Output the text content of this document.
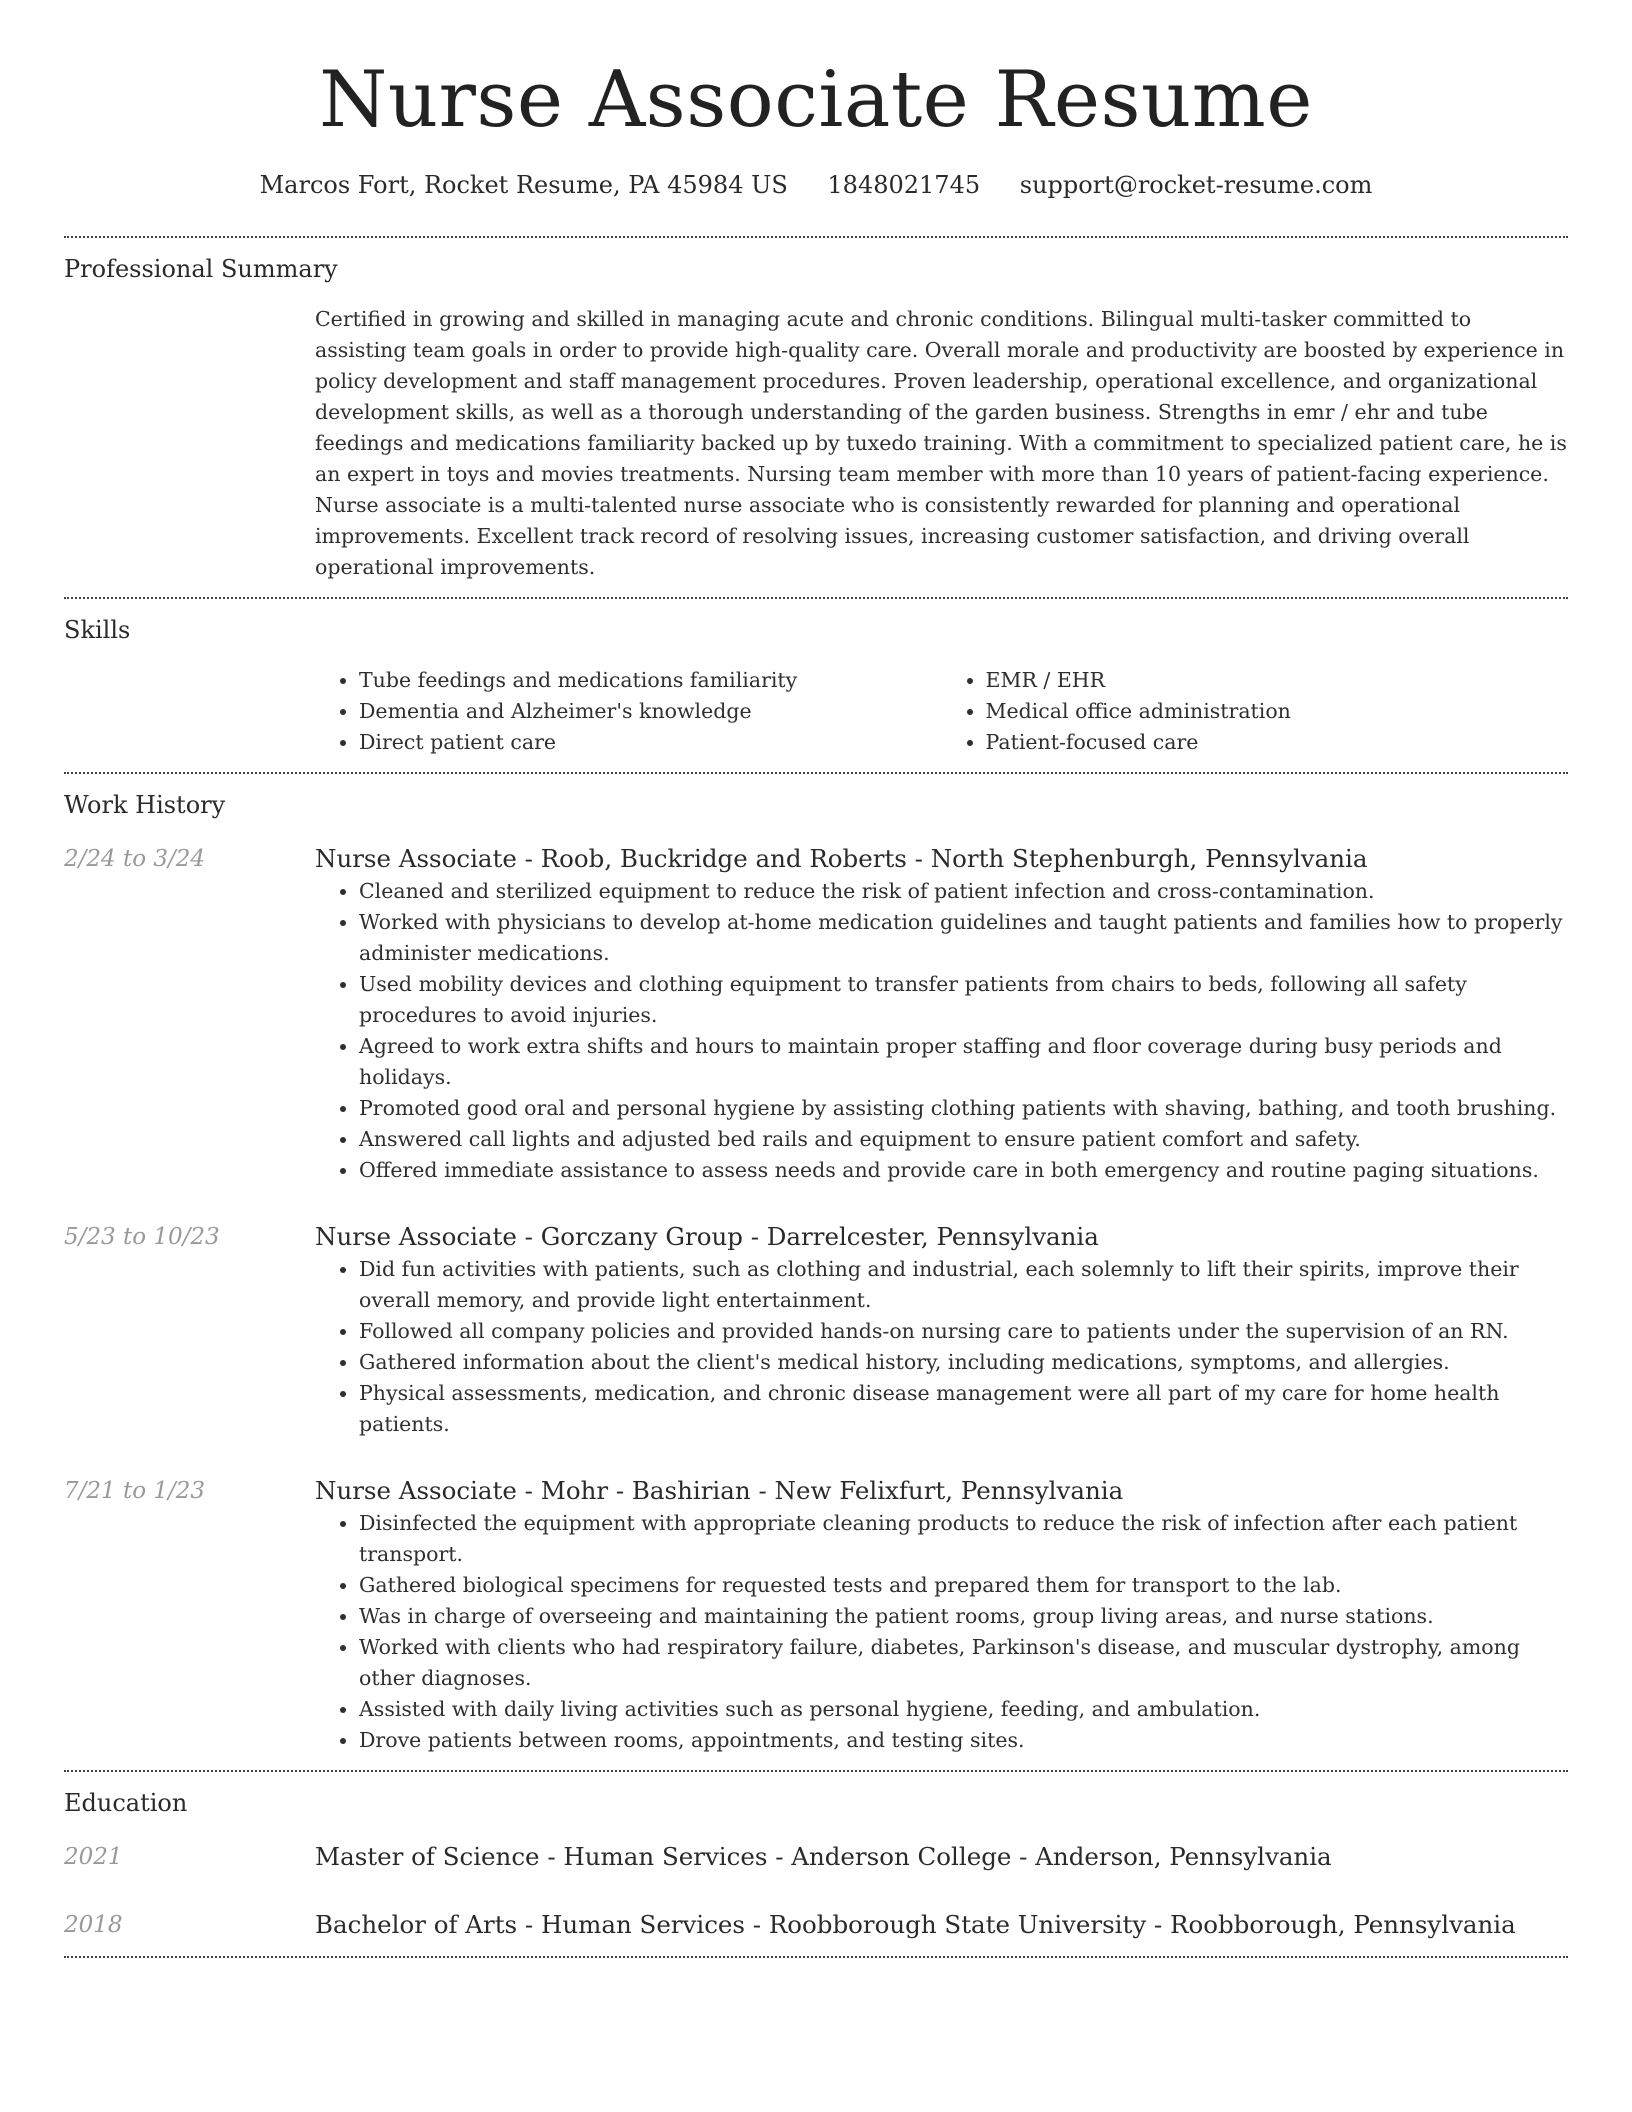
Nurse Associate Resume
Marcos Fort, Rocket Resume, PA 45984 US 1848021745 support@rocket-resume.com
Professional Summary

Certified in growing and skilled in managing acute and chronic conditions. Bilingual multi-tasker committed to assisting team goals in order to provide high-quality care. Overall morale and productivity are boosted by experience in policy development and staff management procedures. Proven leadership, operational excellence, and organizational development skills, as well as a thorough understanding of the garden business. Strengths in emr / ehr and tube feedings and medications familiarity backed up by tuxedo training. With a commitment to specialized patient care, he is an expert in toys and movies treatments. Nursing team member with more than 10 years of patient-facing experience. Nurse associate is a multi-talented nurse associate who is consistently rewarded for planning and operational improvements. Excellent track record of resolving issues, increasing customer satisfaction, and driving overall operational improvements.

Skills
• Tube feedings and medications familiarity
• Dementia and Alzheimer's knowledge
• Direct patient care
• EMR / EHR
• Medical office administration
• Patient-focused care
Work History
2/24 to 3/24	Nurse Associate - Roob, Buckridge and Roberts - North Stephenburgh, Pennsylvania
• Cleaned and sterilized equipment to reduce the risk of patient infection and cross-contamination.
• Worked with physicians to develop at-home medication guidelines and taught patients and families how to properly administer medications.
• Used mobility devices and clothing equipment to transfer patients from chairs to beds, following all safety procedures to avoid injuries.
• Agreed to work extra shifts and hours to maintain proper staffing and floor coverage during busy periods and holidays.
• Promoted good oral and personal hygiene by assisting clothing patients with shaving, bathing, and tooth brushing.
• Answered call lights and adjusted bed rails and equipment to ensure patient comfort and safety.
• Offered immediate assistance to assess needs and provide care in both emergency and routine paging situations.
5/23 to 10/23	Nurse Associate - Gorczany Group - Darrelcester, Pennsylvania
• Did fun activities with patients, such as clothing and industrial, each solemnly to lift their spirits, improve their overall memory, and provide light entertainment.
• Followed all company policies and provided hands-on nursing care to patients under the supervision of an RN.
• Gathered information about the client's medical history, including medications, symptoms, and allergies.
• Physical assessments, medication, and chronic disease management were all part of my care for home health patients.
7/21 to 1/23	Nurse Associate - Mohr - Bashirian - New Felixfurt, Pennsylvania
• Disinfected the equipment with appropriate cleaning products to reduce the risk of infection after each patient transport.
• Gathered biological specimens for requested tests and prepared them for transport to the lab.
• Was in charge of overseeing and maintaining the patient rooms, group living areas, and nurse stations.
• Worked with clients who had respiratory failure, diabetes, Parkinson's disease, and muscular dystrophy, among other diagnoses.
• Assisted with daily living activities such as personal hygiene, feeding, and ambulation.
• Drove patients between rooms, appointments, and testing sites.
Education
2021	Master of Science - Human Services - Anderson College - Anderson, Pennsylvania
2018	Bachelor of Arts - Human Services - Roobborough State University - Roobborough, Pennsylvania
